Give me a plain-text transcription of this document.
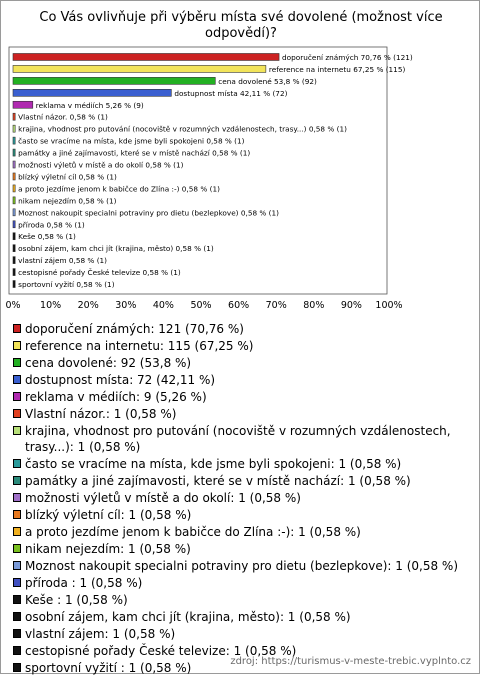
Co Vás ovlivňuje při výběru místa své dovolené (možnost více
odpovědí)?
doporučení známých 70,76 % (121)
reference na internetu 67,25 % (115)
cena dovolené 53,8 % (92)
dostupnost místa 42,11 % (72)
reklama v médiích 5,26 % (9)
Vlastní názor. 0,58 % (1)
krajina, vhodnost pro putování (nocoviště v rozumných vzdálenostech, trasy...) 0,58 % (1)
často se vracíme na místa, kde jsme byli spokojeni 0,58 % (1)
památky a jiné zajímavosti, které se v místě nachází 0,58 % (1)
možnosti výletů v místě a do okolí 0,58 % (1)
blízký výletní cíl 0,58 % (1)
a proto jezdíme jenom k babičce do Zlína :-) 0,58 % (1)
nikam nejezdím 0,58 % (1)
Moznost nakoupit specialni potraviny pro dietu (bezlepkove) 0,58 % (1)
příroda 0,58 % (1)
Keše 0,58 % (1)
osobní zájem, kam chci jít (krajina, město) 0,58 % (1)
vlastní zájem 0,58 % (1)
cestopisné pořady České televize 0,58 % (1)
sportovní vyžití 0,58 % (1)
0% 10% 20% 30% 40% 50% 60% 70% 80% 90% 100%
doporučení známých: 121 (70,76 %)
reference na internetu: 115 (67,25 %)
cena dovolené: 92 (53,8 %)
dostupnost místa: 72 (42,11 %)
reklama v médiích: 9 (5,26 %)
Vlastní názor.: 1 (0,58 %)
krajina, vhodnost pro putování (nocoviště v rozumných vzdálenostech, trasy...): 1 (0,58 %)
často se vracíme na místa, kde jsme byli spokojeni: 1 (0,58 %)
památky a jiné zajímavosti, které se v místě nachází: 1 (0,58 %)
možnosti výletů v místě a do okolí: 1 (0,58 %)
blízký výletní cíl: 1 (0,58 %)
a proto jezdíme jenom k babičce do Zlína :-): 1 (0,58 %)
nikam nejezdím: 1 (0,58 %)
Moznost nakoupit specialni potraviny pro dietu (bezlepkove): 1 (0,58 %)
příroda : 1 (0,58 %)
Keše : 1 (0,58 %)
osobní zájem, kam chci jít (krajina, město): 1 (0,58 %)
vlastní zájem: 1 (0,58 %)
cestopisné pořady České televize: 1 (0,58 %)
sportovní vyžití : 1 (0,58 %)	zdroj: https://turismus-v-meste-trebic.vyplnto.cz
